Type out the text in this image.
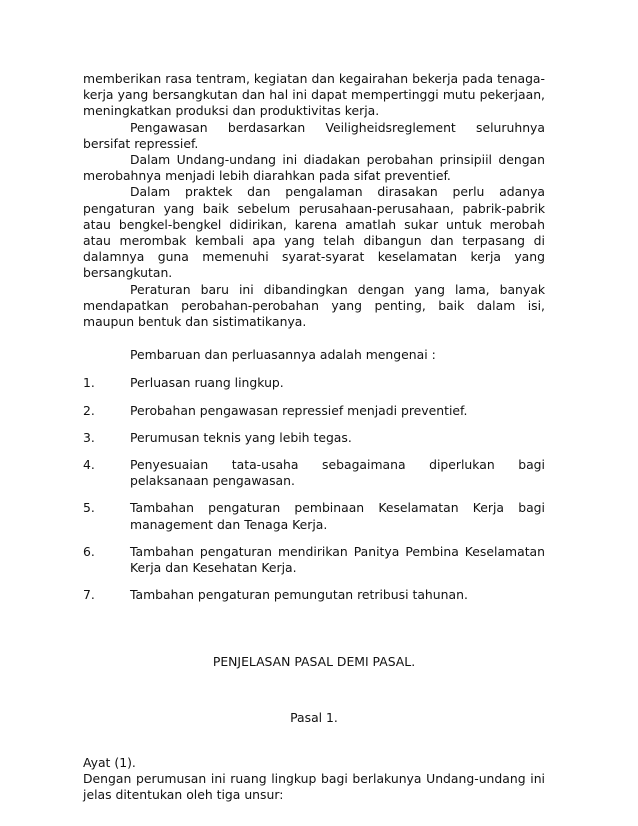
memberikan rasa tentram, kegiatan dan kegairahan bekerja pada tenaga-kerja yang bersangkutan dan hal ini dapat mempertinggi mutu pekerjaan, meningkatkan produksi dan produktivitas kerja.

Pengawasan berdasarkan Veiligheidsreglement seluruhnya bersifat repressief.

Dalam Undang-undang ini diadakan perobahan prinsipiil dengan merobahnya menjadi lebih diarahkan pada sifat preventief.

Dalam praktek dan pengalaman dirasakan perlu adanya pengaturan yang baik sebelum perusahaan-perusahaan, pabrik-pabrik atau bengkel-bengkel didirikan, karena amatlah sukar untuk merobah atau merombak kembali apa yang telah dibangun dan terpasang di dalamnya guna memenuhi syarat-syarat keselamatan kerja yang bersangkutan.

Peraturan baru ini dibandingkan dengan yang lama, banyak mendapatkan perobahan-perobahan yang penting, baik dalam isi, maupun bentuk dan sistimatikanya.

Pembaruan dan perluasannya adalah mengenai :

1.	Perluasan ruang lingkup.
2.	Perobahan pengawasan repressief menjadi preventief.
3.	Perumusan teknis yang lebih tegas.
4.	Penyesuaian tata-usaha sebagaimana diperlukan bagi pelaksanaan pengawasan.
5.	Tambahan pengaturan pembinaan Keselamatan Kerja bagi management dan Tenaga Kerja.
6.	Tambahan pengaturan mendirikan Panitya Pembina Keselamatan Kerja dan Kesehatan Kerja.
7.	Tambahan pengaturan pemungutan retribusi tahunan.

PENJELASAN PASAL DEMI PASAL.

Pasal 1.

Ayat (1).

Dengan perumusan ini ruang lingkup bagi berlakunya Undang-undang ini jelas ditentukan oleh tiga unsur:
